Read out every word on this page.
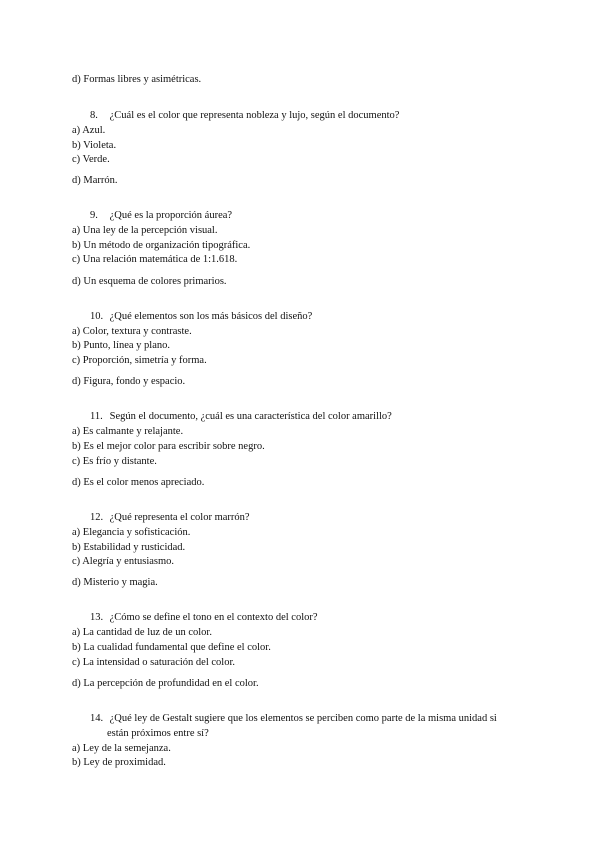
d) Formas libres y asimétricas.
8. ¿Cuál es el color que representa nobleza y lujo, según el documento?
a) Azul.
b) Violeta.
c) Verde.
d) Marrón.
9. ¿Qué es la proporción áurea?
a) Una ley de la percepción visual.
b) Un método de organización tipográfica.
c) Una relación matemática de 1:1.618.
d) Un esquema de colores primarios.
10. ¿Qué elementos son los más básicos del diseño?
a) Color, textura y contraste.
b) Punto, línea y plano.
c) Proporción, simetría y forma.
d) Figura, fondo y espacio.
11. Según el documento, ¿cuál es una característica del color amarillo?
a) Es calmante y relajante.
b) Es el mejor color para escribir sobre negro.
c) Es frío y distante.
d) Es el color menos apreciado.
12. ¿Qué representa el color marrón?
a) Elegancia y sofisticación.
b) Estabilidad y rusticidad.
c) Alegría y entusiasmo.
d) Misterio y magia.
13. ¿Cómo se define el tono en el contexto del color?
a) La cantidad de luz de un color.
b) La cualidad fundamental que define el color.
c) La intensidad o saturación del color.
d) La percepción de profundidad en el color.
14. ¿Qué ley de Gestalt sugiere que los elementos se perciben como parte de la misma unidad si
están próximos entre sí?
a) Ley de la semejanza.
b) Ley de proximidad.
